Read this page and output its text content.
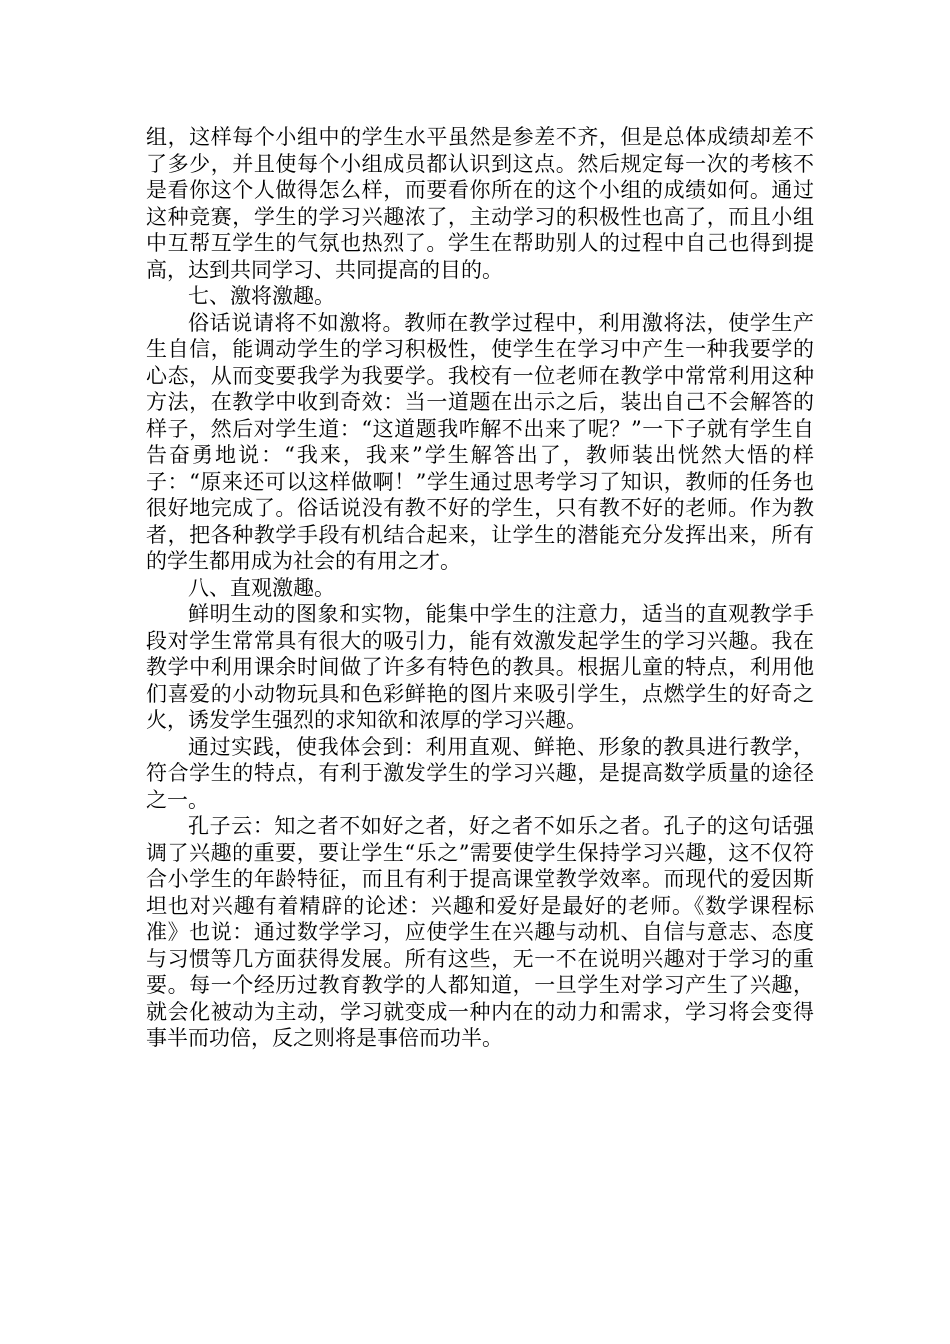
组，这样每个小组中的学生水平虽然是参差不齐，但是总体成绩却差不了多少，并且使每个小组成员都认识到这点。然后规定每一次的考核不是看你这个人做得怎么样，而要看你所在的这个小组的成绩如何。通过这种竞赛，学生的学习兴趣浓了，主动学习的积极性也高了，而且小组中互帮互学生的气氛也热烈了。学生在帮助别人的过程中自己也得到提高，达到共同学习、共同提高的目的。

七、激将激趣。

俗话说请将不如激将。教师在教学过程中，利用激将法，使学生产生自信，能调动学生的学习积极性，使学生在学习中产生一种我要学的心态，从而变要我学为我要学。我校有一位老师在教学中常常利用这种方法，在教学中收到奇效：当一道题在出示之后，装出自己不会解答的样子，然后对学生道：“这道题我咋解不出来了呢？”一下子就有学生自告奋勇地说：“我来，我来”学生解答出了，教师装出恍然大悟的样子：“原来还可以这样做啊！”学生通过思考学习了知识，教师的任务也很好地完成了。俗话说没有教不好的学生，只有教不好的老师。作为教者，把各种教学手段有机结合起来，让学生的潜能充分发挥出来，所有的学生都用成为社会的有用之才。

八、直观激趣。

鲜明生动的图象和实物，能集中学生的注意力，适当的直观教学手段对学生常常具有很大的吸引力，能有效激发起学生的学习兴趣。我在教学中利用课余时间做了许多有特色的教具。根据儿童的特点，利用他们喜爱的小动物玩具和色彩鲜艳的图片来吸引学生，点燃学生的好奇之火，诱发学生强烈的求知欲和浓厚的学习兴趣。

通过实践，使我体会到：利用直观、鲜艳、形象的教具进行教学，符合学生的特点，有利于激发学生的学习兴趣，是提高数学质量的途径之一。

孔子云：知之者不如好之者，好之者不如乐之者。孔子的这句话强调了兴趣的重要，要让学生“乐之”需要使学生保持学习兴趣，这不仅符合小学生的年龄特征，而且有利于提高课堂教学效率。而现代的爱因斯坦也对兴趣有着精辟的论述：兴趣和爱好是最好的老师。《数学课程标准》也说：通过数学学习，应使学生在兴趣与动机、自信与意志、态度与习惯等几方面获得发展。所有这些，无一不在说明兴趣对于学习的重要。每一个经历过教育教学的人都知道，一旦学生对学习产生了兴趣，就会化被动为主动，学习就变成一种内在的动力和需求，学习将会变得事半而功倍，反之则将是事倍而功半。
